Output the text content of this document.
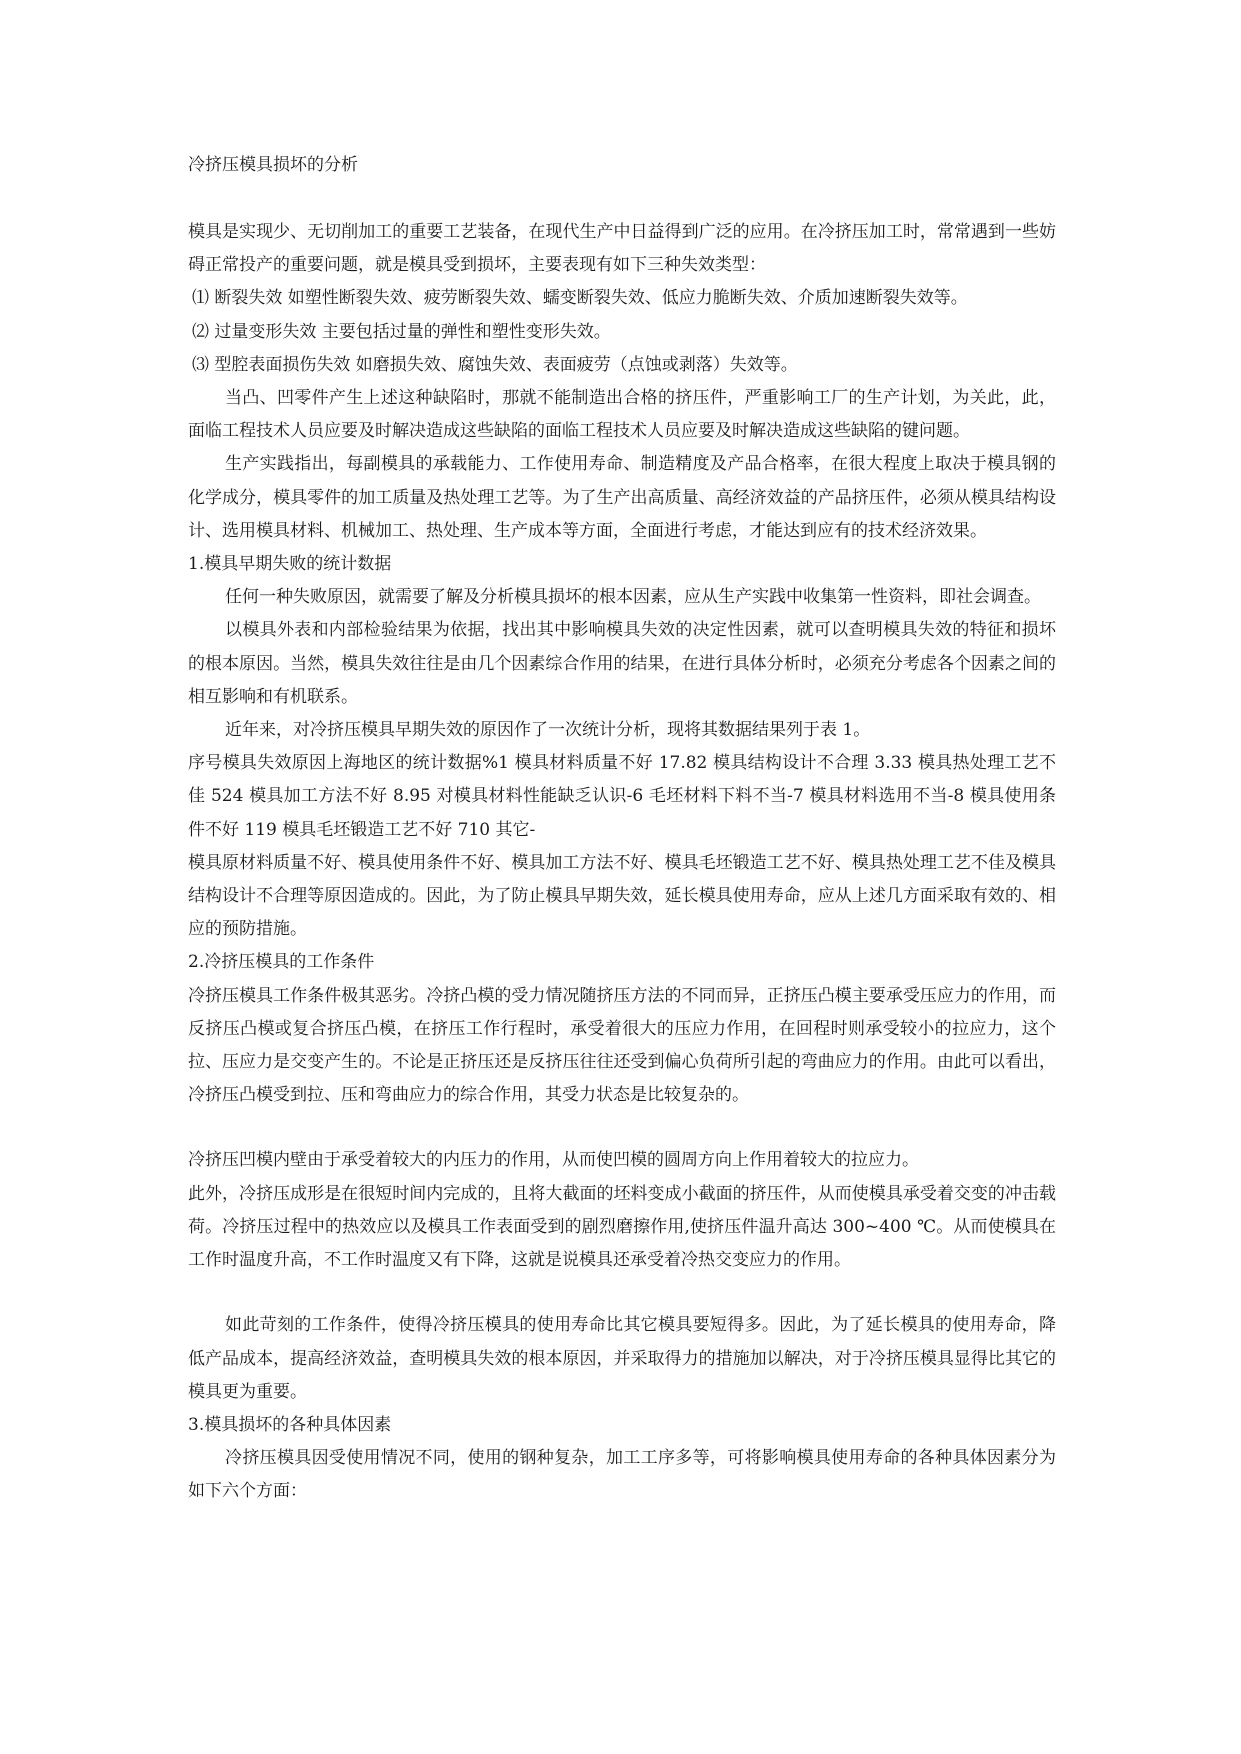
冷挤压模具损坏的分析

模具是实现少、无切削加工的重要工艺装备，在现代生产中日益得到广泛的应用。在冷挤压加工时，常常遇到一些妨碍正常投产的重要问题，就是模具受到损坏，主要表现有如下三种失效类型：

⑴ 断裂失效 如塑性断裂失效、疲劳断裂失效、蠕变断裂失效、低应力脆断失效、介质加速断裂失效等。

⑵ 过量变形失效 主要包括过量的弹性和塑性变形失效。

⑶ 型腔表面损伤失效 如磨损失效、腐蚀失效、表面疲劳（点蚀或剥落）失效等。

当凸、凹零件产生上述这种缺陷时，那就不能制造出合格的挤压件，严重影响工厂的生产计划，为关此，此，面临工程技术人员应要及时解决造成这些缺陷的面临工程技术人员应要及时解决造成这些缺陷的键问题。

生产实践指出，每副模具的承载能力、工作使用寿命、制造精度及产品合格率，在很大程度上取决于模具钢的化学成分，模具零件的加工质量及热处理工艺等。为了生产出高质量、高经济效益的产品挤压件，必须从模具结构设计、选用模具材料、机械加工、热处理、生产成本等方面，全面进行考虑，才能达到应有的技术经济效果。

1.模具早期失败的统计数据

任何一种失败原因，就需要了解及分析模具损坏的根本因素，应从生产实践中收集第一性资料，即社会调查。

以模具外表和内部检验结果为依据，找出其中影响模具失效的决定性因素，就可以查明模具失效的特征和损坏的根本原因。当然，模具失效往往是由几个因素综合作用的结果，在进行具体分析时，必须充分考虑各个因素之间的相互影响和有机联系。

近年来，对冷挤压模具早期失效的原因作了一次统计分析，现将其数据结果列于表 1。

序号模具失效原因上海地区的统计数据%1 模具材料质量不好 17.82 模具结构设计不合理 3.33 模具热处理工艺不佳 524 模具加工方法不好 8.95 对模具材料性能缺乏认识-6 毛坯材料下料不当-7 模具材料选用不当-8 模具使用条件不好 119 模具毛坯锻造工艺不好 710 其它-

模具原材料质量不好、模具使用条件不好、模具加工方法不好、模具毛坯锻造工艺不好、模具热处理工艺不佳及模具结构设计不合理等原因造成的。因此，为了防止模具早期失效，延长模具使用寿命，应从上述几方面采取有效的、相应的预防措施。

2.冷挤压模具的工作条件

冷挤压模具工作条件极其恶劣。冷挤凸模的受力情况随挤压方法的不同而异，正挤压凸模主要承受压应力的作用，而反挤压凸模或复合挤压凸模，在挤压工作行程时，承受着很大的压应力作用，在回程时则承受较小的拉应力，这个拉、压应力是交变产生的。不论是正挤压还是反挤压往往还受到偏心负荷所引起的弯曲应力的作用。由此可以看出，冷挤压凸模受到拉、压和弯曲应力的综合作用，其受力状态是比较复杂的。

冷挤压凹模内壁由于承受着较大的内压力的作用，从而使凹模的圆周方向上作用着较大的拉应力。

此外，冷挤压成形是在很短时间内完成的，且将大截面的坯料变成小截面的挤压件，从而使模具承受着交变的冲击载荷。冷挤压过程中的热效应以及模具工作表面受到的剧烈磨擦作用,使挤压件温升高达 300~400 ℃。从而使模具在工作时温度升高，不工作时温度又有下降，这就是说模具还承受着冷热交变应力的作用。

如此苛刻的工作条件，使得冷挤压模具的使用寿命比其它模具要短得多。因此，为了延长模具的使用寿命，降低产品成本，提高经济效益，查明模具失效的根本原因，并采取得力的措施加以解决，对于冷挤压模具显得比其它的模具更为重要。

3.模具损坏的各种具体因素

冷挤压模具因受使用情况不同，使用的钢种复杂，加工工序多等，可将影响模具使用寿命的各种具体因素分为如下六个方面：
